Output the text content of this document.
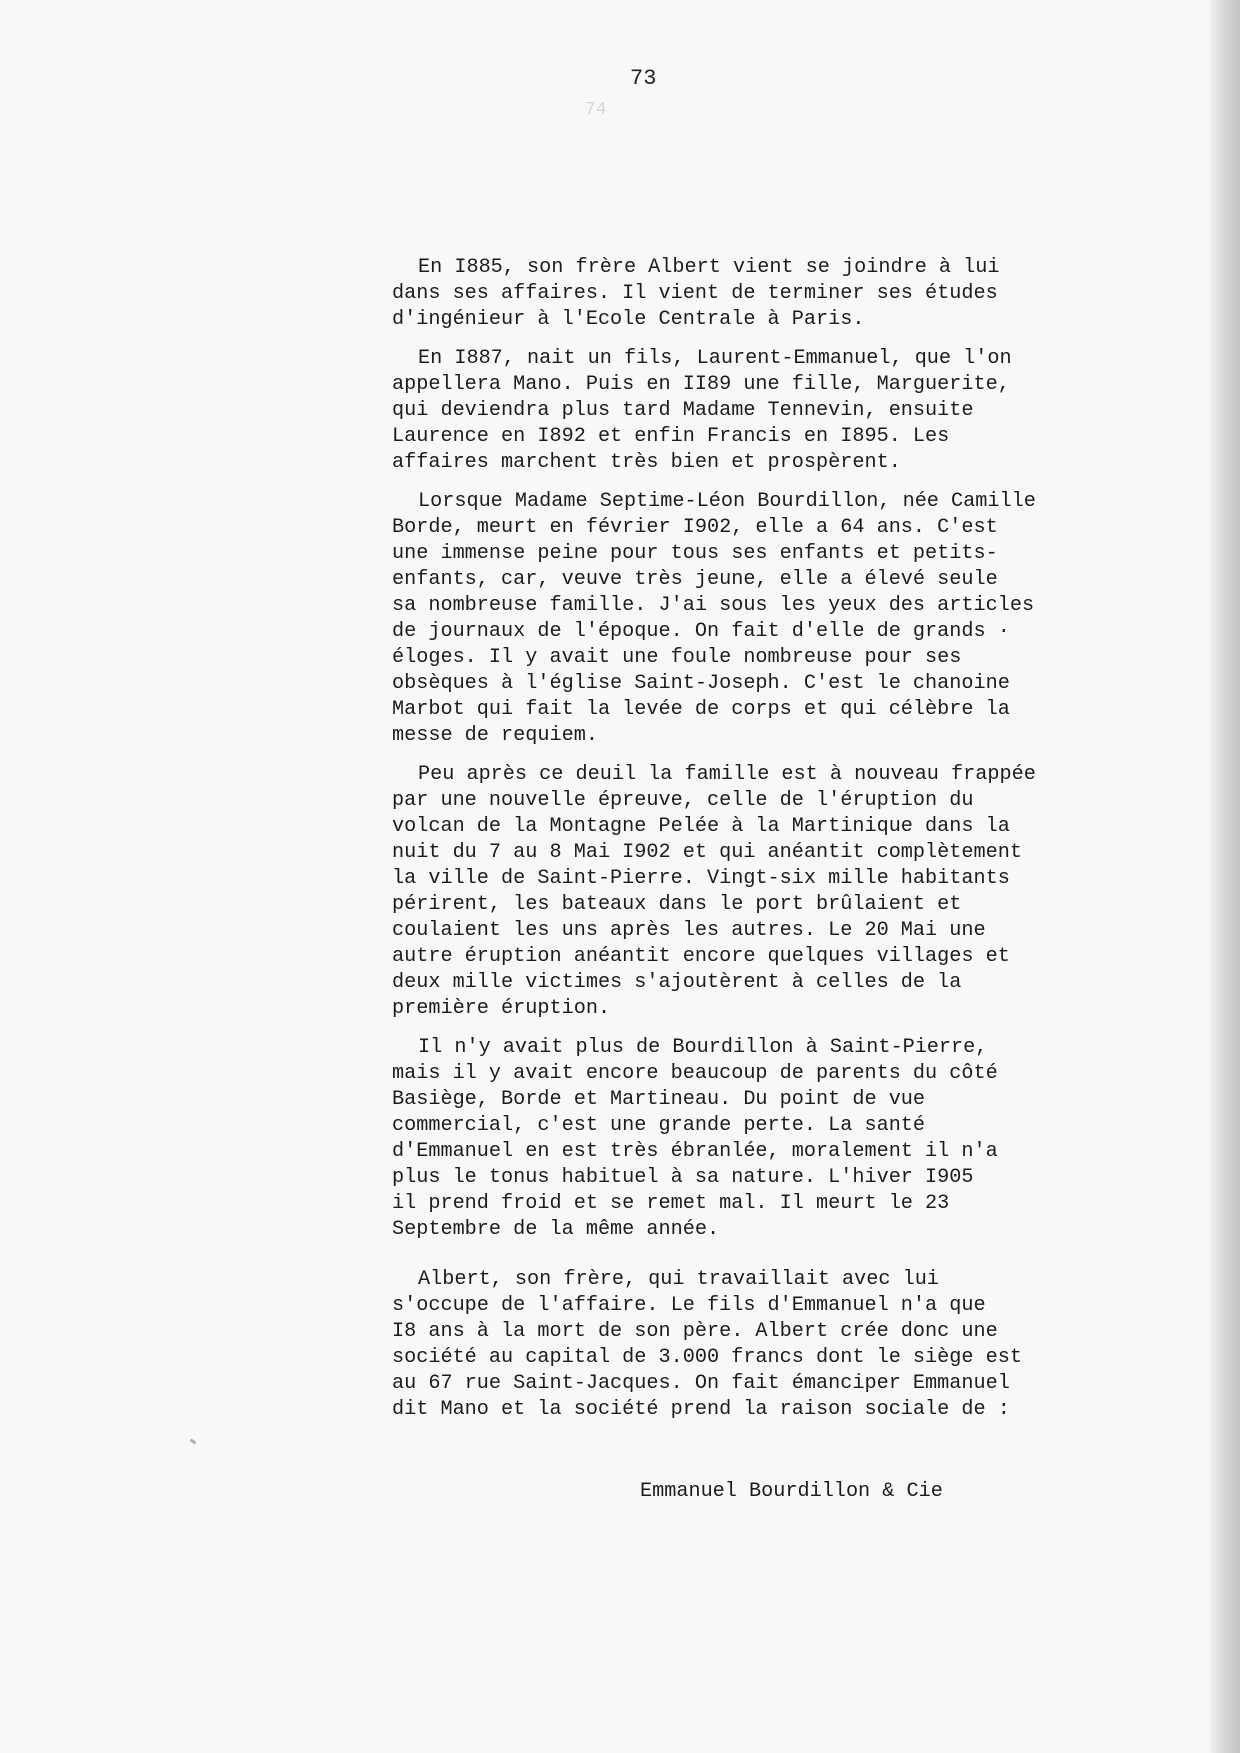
74
73

En I885, son frère Albert vient se joindre à lui
dans ses affaires. Il vient de terminer ses études
d'ingénieur à l'Ecole Centrale à Paris.

En I887, nait un fils, Laurent-Emmanuel, que l'on
appellera Mano. Puis en II89 une fille, Marguerite,
qui deviendra plus tard Madame Tennevin, ensuite
Laurence en I892 et enfin Francis en I895. Les
affaires marchent très bien et prospèrent.

Lorsque Madame Septime-Léon Bourdillon, née Camille
Borde, meurt en février I902, elle a 64 ans. C'est
une immense peine pour tous ses enfants et petits-
enfants, car, veuve très jeune, elle a élevé seule
sa nombreuse famille. J'ai sous les yeux des articles
de journaux de l'époque. On fait d'elle de grands ·
éloges. Il y avait une foule nombreuse pour ses
obsèques à l'église Saint-Joseph. C'est le chanoine
Marbot qui fait la levée de corps et qui célèbre la
messe de requiem.

Peu après ce deuil la famille est à nouveau frappée
par une nouvelle épreuve, celle de l'éruption du
volcan de la Montagne Pelée à la Martinique dans la
nuit du 7 au 8 Mai I902 et qui anéantit complètement
la ville de Saint-Pierre. Vingt-six mille habitants
périrent, les bateaux dans le port brûlaient et
coulaient les uns après les autres. Le 20 Mai une
autre éruption anéantit encore quelques villages et
deux mille victimes s'ajoutèrent à celles de la
première éruption.

Il n'y avait plus de Bourdillon à Saint-Pierre,
mais il y avait encore beaucoup de parents du côté
Basiège, Borde et Martineau. Du point de vue
commercial, c'est une grande perte. La santé
d'Emmanuel en est très ébranlée, moralement il n'a
plus le tonus habituel à sa nature. L'hiver I905
il prend froid et se remet mal. Il meurt le 23
Septembre de la même année.

Albert, son frère, qui travaillait avec lui
s'occupe de l'affaire. Le fils d'Emmanuel n'a que
I8 ans à la mort de son père. Albert crée donc une
société au capital de 3.000 francs dont le siège est
au 67 rue Saint-Jacques. On fait émanciper Emmanuel
dit Mano et la société prend la raison sociale de :

Emmanuel Bourdillon & Cie
